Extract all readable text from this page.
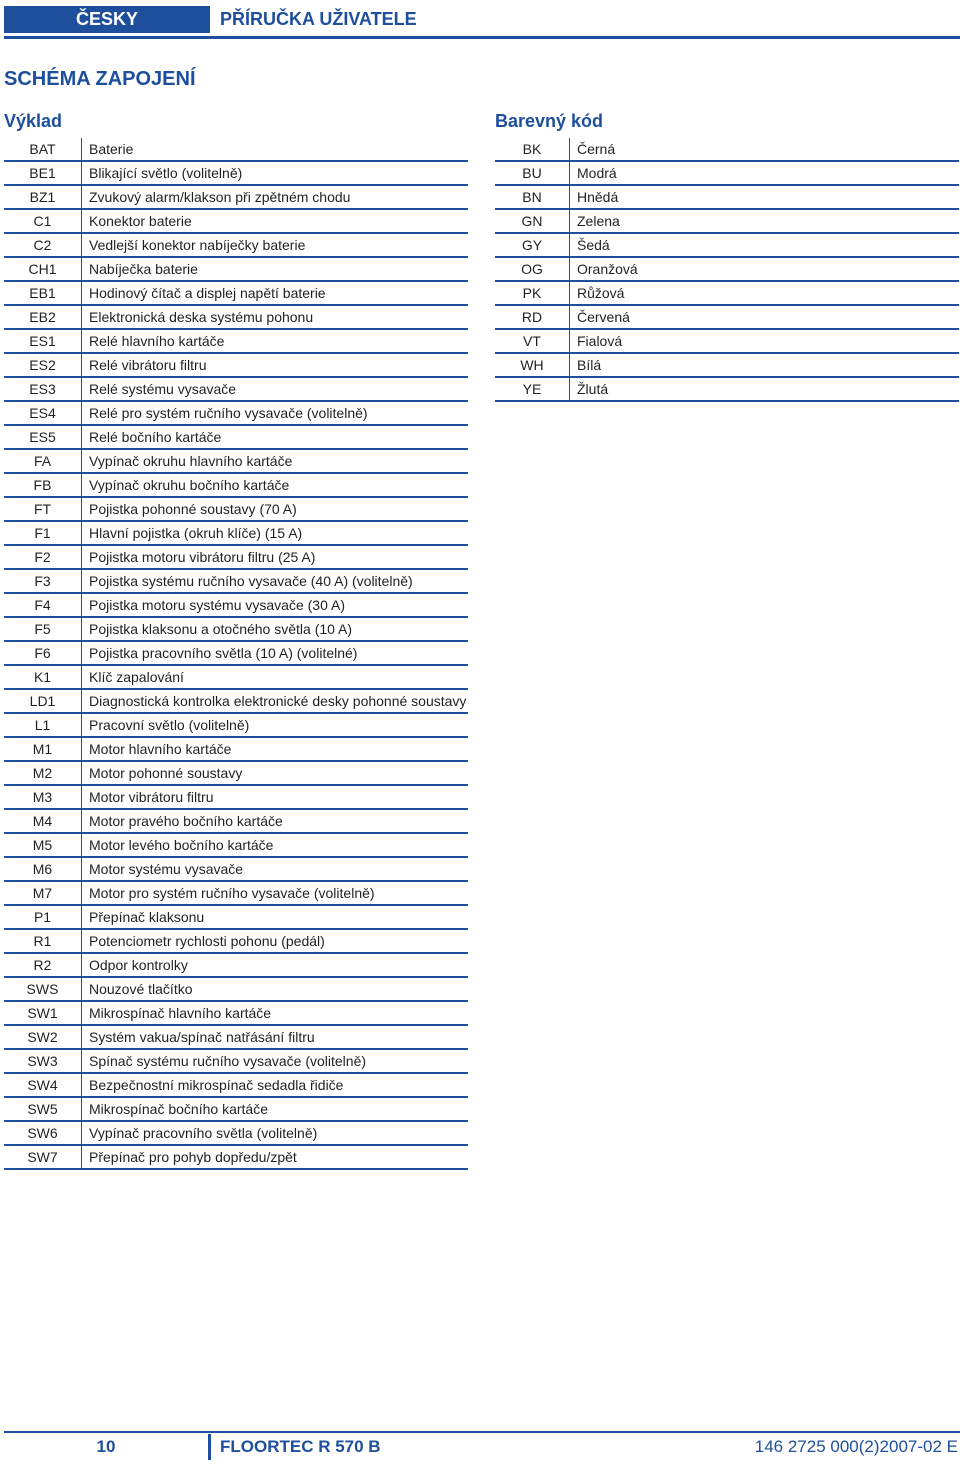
ČESKY	PŘÍRUČKA UŽIVATELE
SCHÉMA ZAPOJENÍ
Výklad
BAT	Baterie
BE1	Blikající světlo (volitelně)
BZ1	Zvukový alarm/klakson při zpětném chodu
C1	Konektor baterie
C2	Vedlejší konektor nabíječky baterie
CH1	Nabíječka baterie
EB1	Hodinový čítač a displej napětí baterie
EB2	Elektronická deska systému pohonu
ES1	Relé hlavního kartáče
ES2	Relé vibrátoru filtru
ES3	Relé systému vysavače
ES4	Relé pro systém ručního vysavače (volitelně)
ES5	Relé bočního kartáče
FA	Vypínač okruhu hlavního kartáče
FB	Vypínač okruhu bočního kartáče
FT	Pojistka pohonné soustavy (70 A)
F1	Hlavní pojistka (okruh klíče) (15 A)
F2	Pojistka motoru vibrátoru filtru (25 A)
F3	Pojistka systému ručního vysavače (40 A) (volitelně)
F4	Pojistka motoru systému vysavače (30 A)
F5	Pojistka klaksonu a otočného světla (10 A)
F6	Pojistka pracovního světla (10 A) (volitelné)
K1	Klíč zapalování
LD1	Diagnostická kontrolka elektronické desky pohonné soustavy
L1	Pracovní světlo (volitelně)
M1	Motor hlavního kartáče
M2	Motor pohonné soustavy
M3	Motor vibrátoru filtru
M4	Motor pravého bočního kartáče
M5	Motor levého bočního kartáče
M6	Motor systému vysavače
M7	Motor pro systém ručního vysavače (volitelně)
P1	Přepínač klaksonu
R1	Potenciometr rychlosti pohonu (pedál)
R2	Odpor kontrolky
SWS	Nouzové tlačítko
SW1	Mikrospínač hlavního kartáče
SW2	Systém vakua/spínač natřásání filtru
SW3	Spínač systému ručního vysavače (volitelně)
SW4	Bezpečnostní mikrospínač sedadla řidiče
SW5	Mikrospínač bočního kartáče
SW6	Vypínač pracovního světla (volitelně)
SW7	Přepínač pro pohyb dopředu/zpět
Barevný kód
BK	Černá
BU	Modrá
BN	Hnědá
GN	Zelena
GY	Šedá
OG	Oranžová
PK	Růžová
RD	Červená
VT	Fialová
WH	Bílá
YE	Žlutá
10	FLOORTEC R 570 B	146 2725 000(2)2007-02 E
